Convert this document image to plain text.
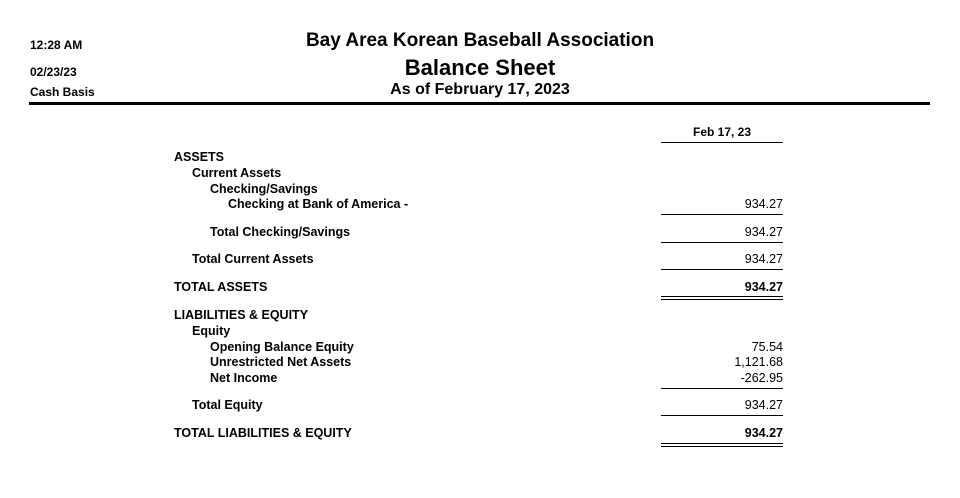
12:28 AM
02/23/23
Cash Basis
Bay Area Korean Baseball Association
Balance Sheet
As of February 17, 2023
Feb 17, 23
ASSETS
Current Assets
Checking/Savings
Checking at Bank of America -	934.27
Total Checking/Savings	934.27
Total Current Assets	934.27
TOTAL ASSETS	934.27
LIABILITIES & EQUITY
Equity
Opening Balance Equity	75.54
Unrestricted Net Assets	1,121.68
Net Income	-262.95
Total Equity	934.27
TOTAL LIABILITIES & EQUITY	934.27
